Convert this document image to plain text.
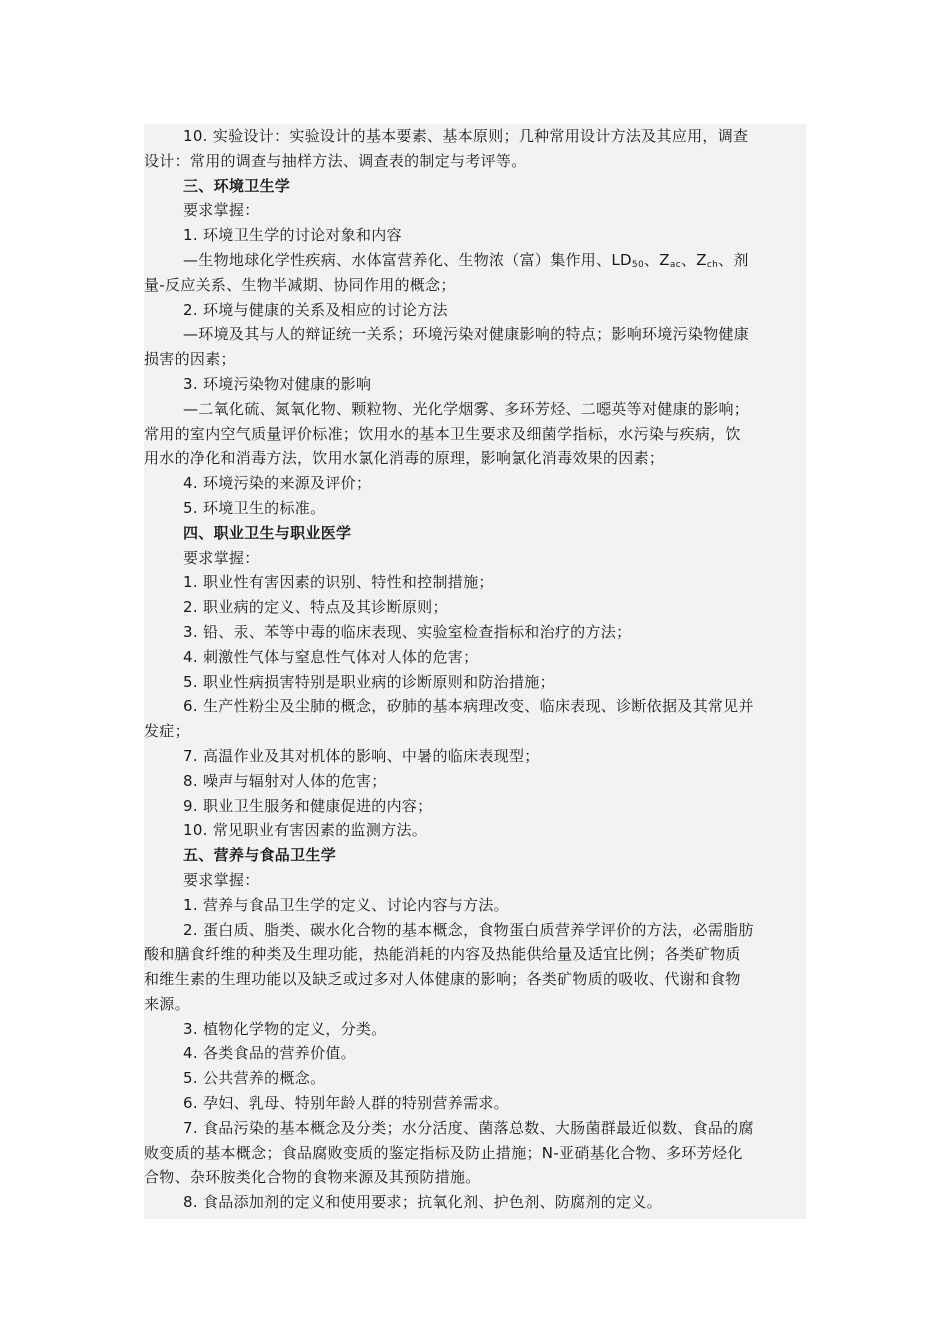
10. 实验设计：实验设计的基本要素、基本原则；几种常用设计方法及其应用，调查
设计：常用的调查与抽样方法、调查表的制定与考评等。
三、环境卫生学
要求掌握：
1. 环境卫生学的讨论对象和内容
—生物地球化学性疾病、水体富营养化、生物浓（富）集作用、$LD_{50}$、$Z_{ac}$、$Z_{ch}$、剂
量-反应关系、生物半减期、协同作用的概念；
2. 环境与健康的关系及相应的讨论方法
—环境及其与人的辩证统一关系；环境污染对健康影响的特点；影响环境污染物健康
损害的因素；
3. 环境污染物对健康的影响
—二氧化硫、氮氧化物、颗粒物、光化学烟雾、多环芳烃、二噁英等对健康的影响；
常用的室内空气质量评价标准；饮用水的基本卫生要求及细菌学指标，水污染与疾病，饮
用水的净化和消毒方法，饮用水氯化消毒的原理，影响氯化消毒效果的因素；
4. 环境污染的来源及评价；
5. 环境卫生的标准。
四、职业卫生与职业医学
要求掌握：
1. 职业性有害因素的识别、特性和控制措施；
2. 职业病的定义、特点及其诊断原则；
3. 铅、汞、苯等中毒的临床表现、实验室检查指标和治疗的方法；
4. 刺激性气体与窒息性气体对人体的危害；
5. 职业性病损害特别是职业病的诊断原则和防治措施；
6. 生产性粉尘及尘肺的概念，矽肺的基本病理改变、临床表现、诊断依据及其常见并
发症；
7. 高温作业及其对机体的影响、中暑的临床表现型；
8. 噪声与辐射对人体的危害；
9. 职业卫生服务和健康促进的内容；
10. 常见职业有害因素的监测方法。
五、营养与食品卫生学
要求掌握：
1. 营养与食品卫生学的定义、讨论内容与方法。
2. 蛋白质、脂类、碳水化合物的基本概念，食物蛋白质营养学评价的方法，必需脂肪
酸和膳食纤维的种类及生理功能，热能消耗的内容及热能供给量及适宜比例；各类矿物质
和维生素的生理功能以及缺乏或过多对人体健康的影响；各类矿物质的吸收、代谢和食物
来源。
3. 植物化学物的定义，分类。
4. 各类食品的营养价值。
5. 公共营养的概念。
6. 孕妇、乳母、特别年龄人群的特别营养需求。
7. 食品污染的基本概念及分类；水分活度、菌落总数、大肠菌群最近似数、食品的腐
败变质的基本概念；食品腐败变质的鉴定指标及防止措施；N-亚硝基化合物、多环芳烃化
合物、杂环胺类化合物的食物来源及其预防措施。
8. 食品添加剂的定义和使用要求；抗氧化剂、护色剂、防腐剂的定义。
